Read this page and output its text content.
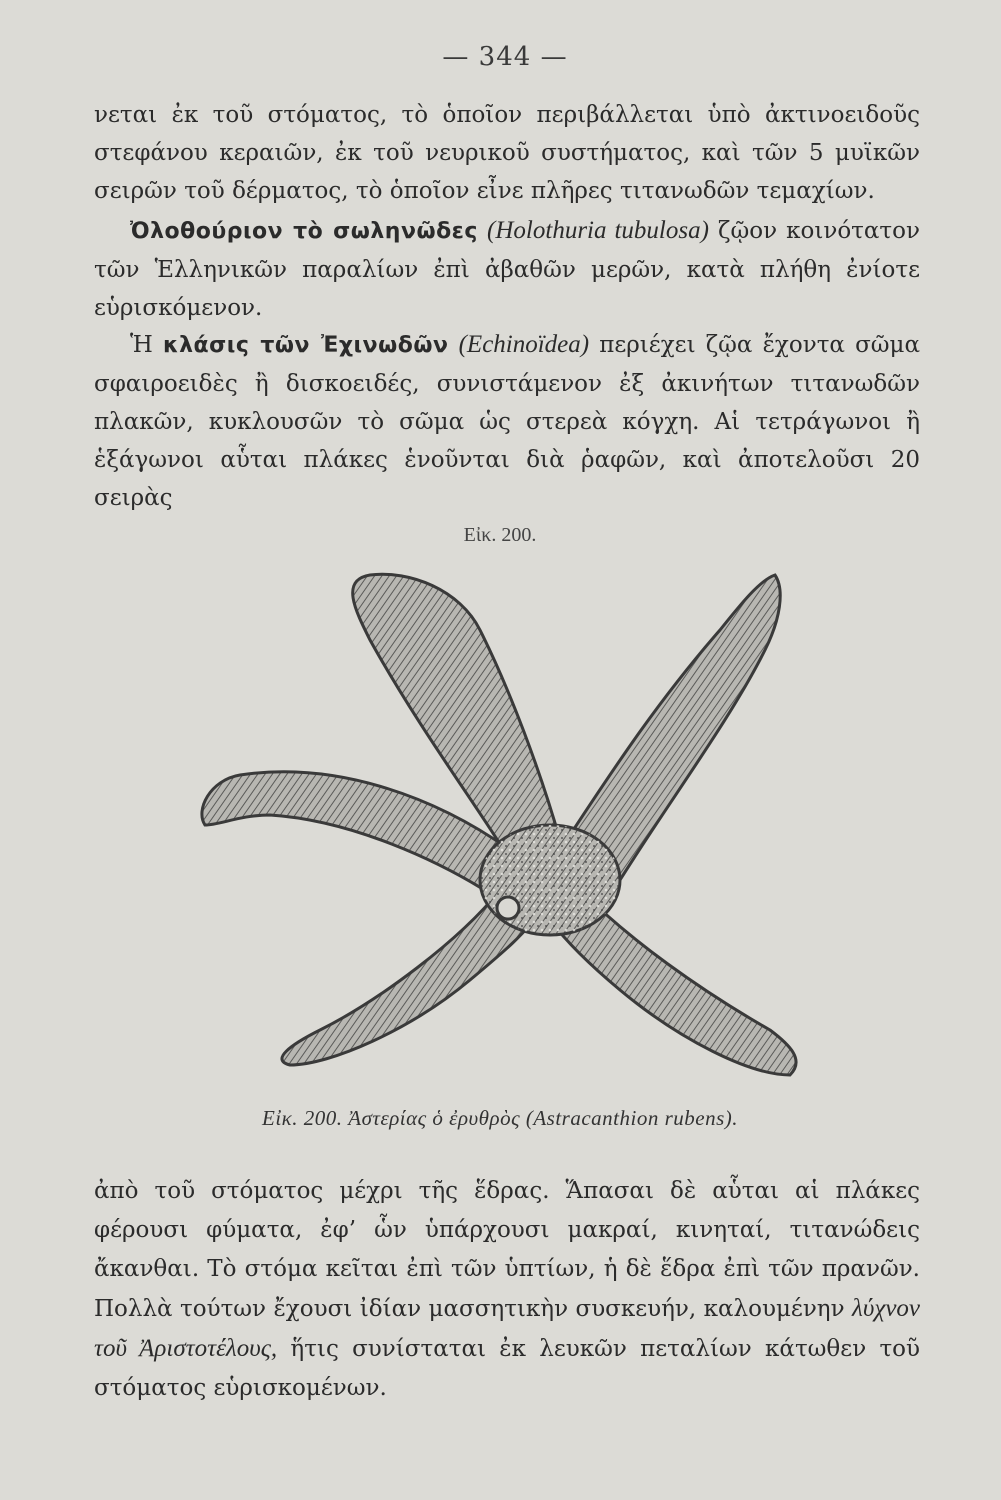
— 344 —
νεται ἐκ τοῦ στόματος, τὸ ὁποῖον περιβάλλεται ὑπὸ ἀκτινοειδοῦς στεφάνου κεραιῶν, ἐκ τοῦ νευρικοῦ συστήματος, καὶ τῶν 5 μυϊκῶν σειρῶν τοῦ δέρματος, τὸ ὁποῖον εἶνε πλῆρες τιτανωδῶν τεμαχίων.
Ὀλοθούριον τὸ σωληνῶδες (Holothuria tubulosa) ζῷον κοινότατον τῶν Ἑλληνικῶν παραλίων ἐπὶ ἀβαθῶν μερῶν, κατὰ πλήθη ἐνίοτε εὑρισκόμενον.
Ἡ κλάσις τῶν Ἐχινωδῶν (Echinoïdea) περιέχει ζῷα ἔχοντα σῶμα σφαιροειδὲς ἢ δισκοειδές, συνιστάμενον ἐξ ἀκινήτων τιτανωδῶν πλακῶν, κυκλουσῶν τὸ σῶμα ὡς στερεὰ κόγχη. Αἱ τετράγωνοι ἢ ἑξάγωνοι αὗται πλάκες ἑνοῦνται διὰ ῥαφῶν, καὶ ἀποτελοῦσι 20 σειρὰς
Εἰκ. 200.
Εἰκ. 200. Ἀστερίας ὁ ἐρυθρὸς (Astracanthion rubens).
ἀπὸ τοῦ στόματος μέχρι τῆς ἕδρας. Ἅπασαι δὲ αὗται αἱ πλάκες φέρουσι φύματα, ἐφ’ ὧν ὑπάρχουσι μακραί, κινηταί, τιτανώδεις ἄκανθαι. Τὸ στόμα κεῖται ἐπὶ τῶν ὑπτίων, ἡ δὲ ἕδρα ἐπὶ τῶν πρανῶν. Πολλὰ τούτων ἔχουσι ἰδίαν μασσητικὴν συσκευήν, καλουμένην λύχνον τοῦ Ἀριστοτέλους, ἥτις συνίσταται ἐκ λευκῶν πεταλίων κάτωθεν τοῦ στόματος εὑρισκομένων.
